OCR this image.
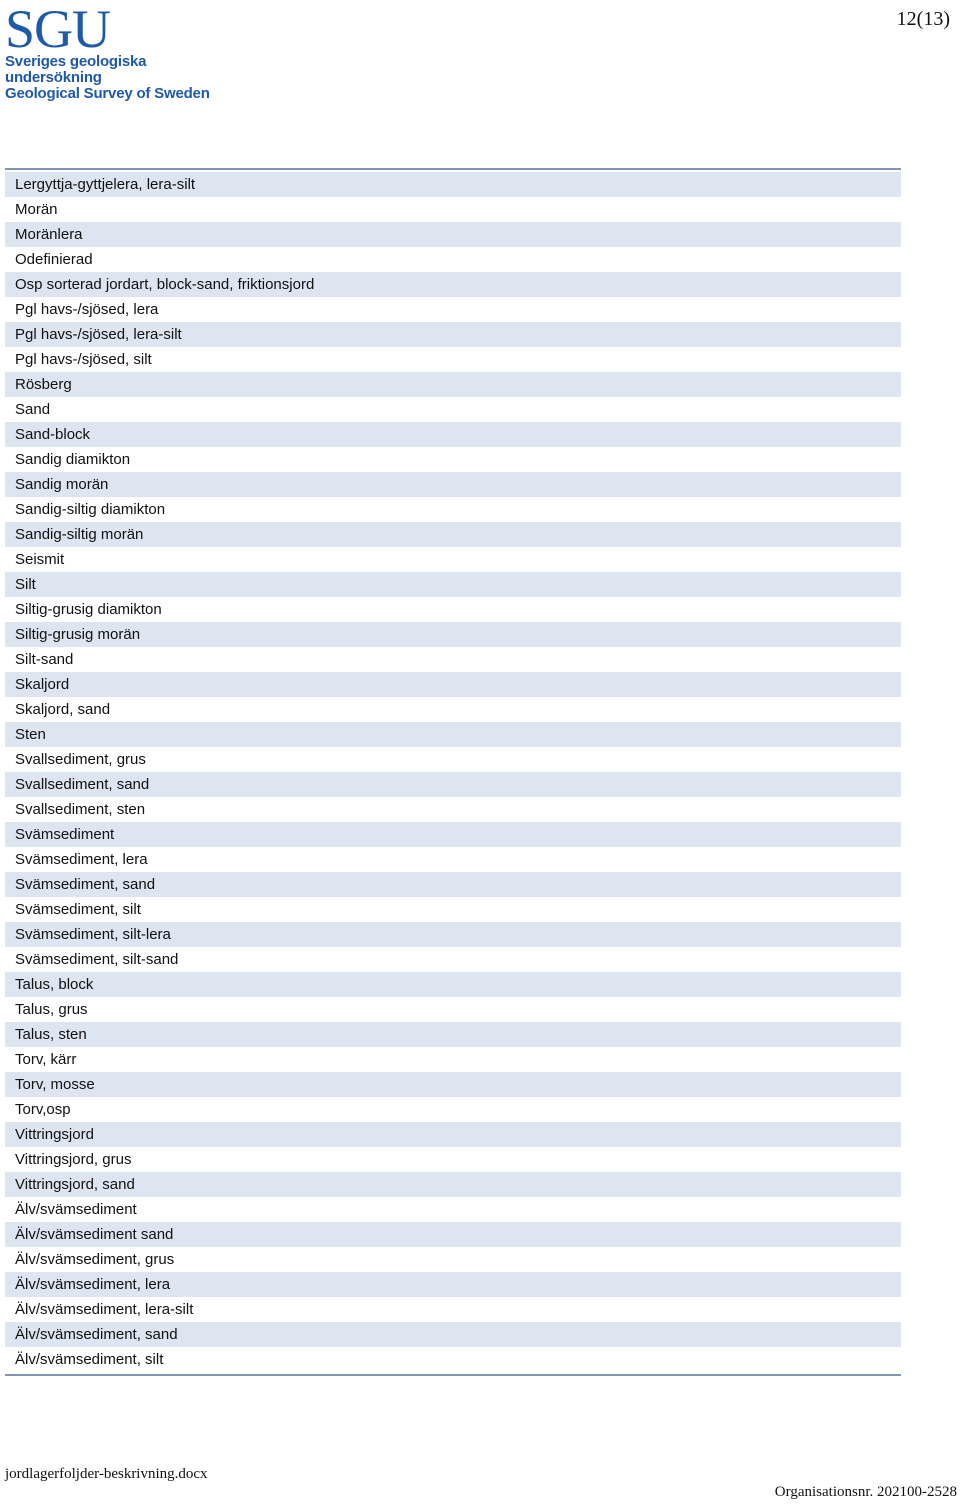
SGU
Sveriges geologiska undersökning
Geological Survey of Sweden
12(13)
Lergyttja-gyttjelera, lera-silt
Morän
Moränlera
Odefinierad
Osp sorterad jordart, block-sand, friktionsjord
Pgl havs-/sjösed, lera
Pgl havs-/sjösed, lera-silt
Pgl havs-/sjösed, silt
Rösberg
Sand
Sand-block
Sandig diamikton
Sandig morän
Sandig-siltig diamikton
Sandig-siltig morän
Seismit
Silt
Siltig-grusig diamikton
Siltig-grusig morän
Silt-sand
Skaljord
Skaljord, sand
Sten
Svallsediment, grus
Svallsediment, sand
Svallsediment, sten
Svämsediment
Svämsediment, lera
Svämsediment, sand
Svämsediment, silt
Svämsediment, silt-lera
Svämsediment, silt-sand
Talus, block
Talus, grus
Talus, sten
Torv, kärr
Torv, mosse
Torv,osp
Vittringsjord
Vittringsjord, grus
Vittringsjord, sand
Älv/svämsediment
Älv/svämsediment sand
Älv/svämsediment, grus
Älv/svämsediment, lera
Älv/svämsediment, lera-silt
Älv/svämsediment, sand
Älv/svämsediment, silt
jordlagerfoljder-beskrivning.docx
Organisationsnr. 202100-2528
